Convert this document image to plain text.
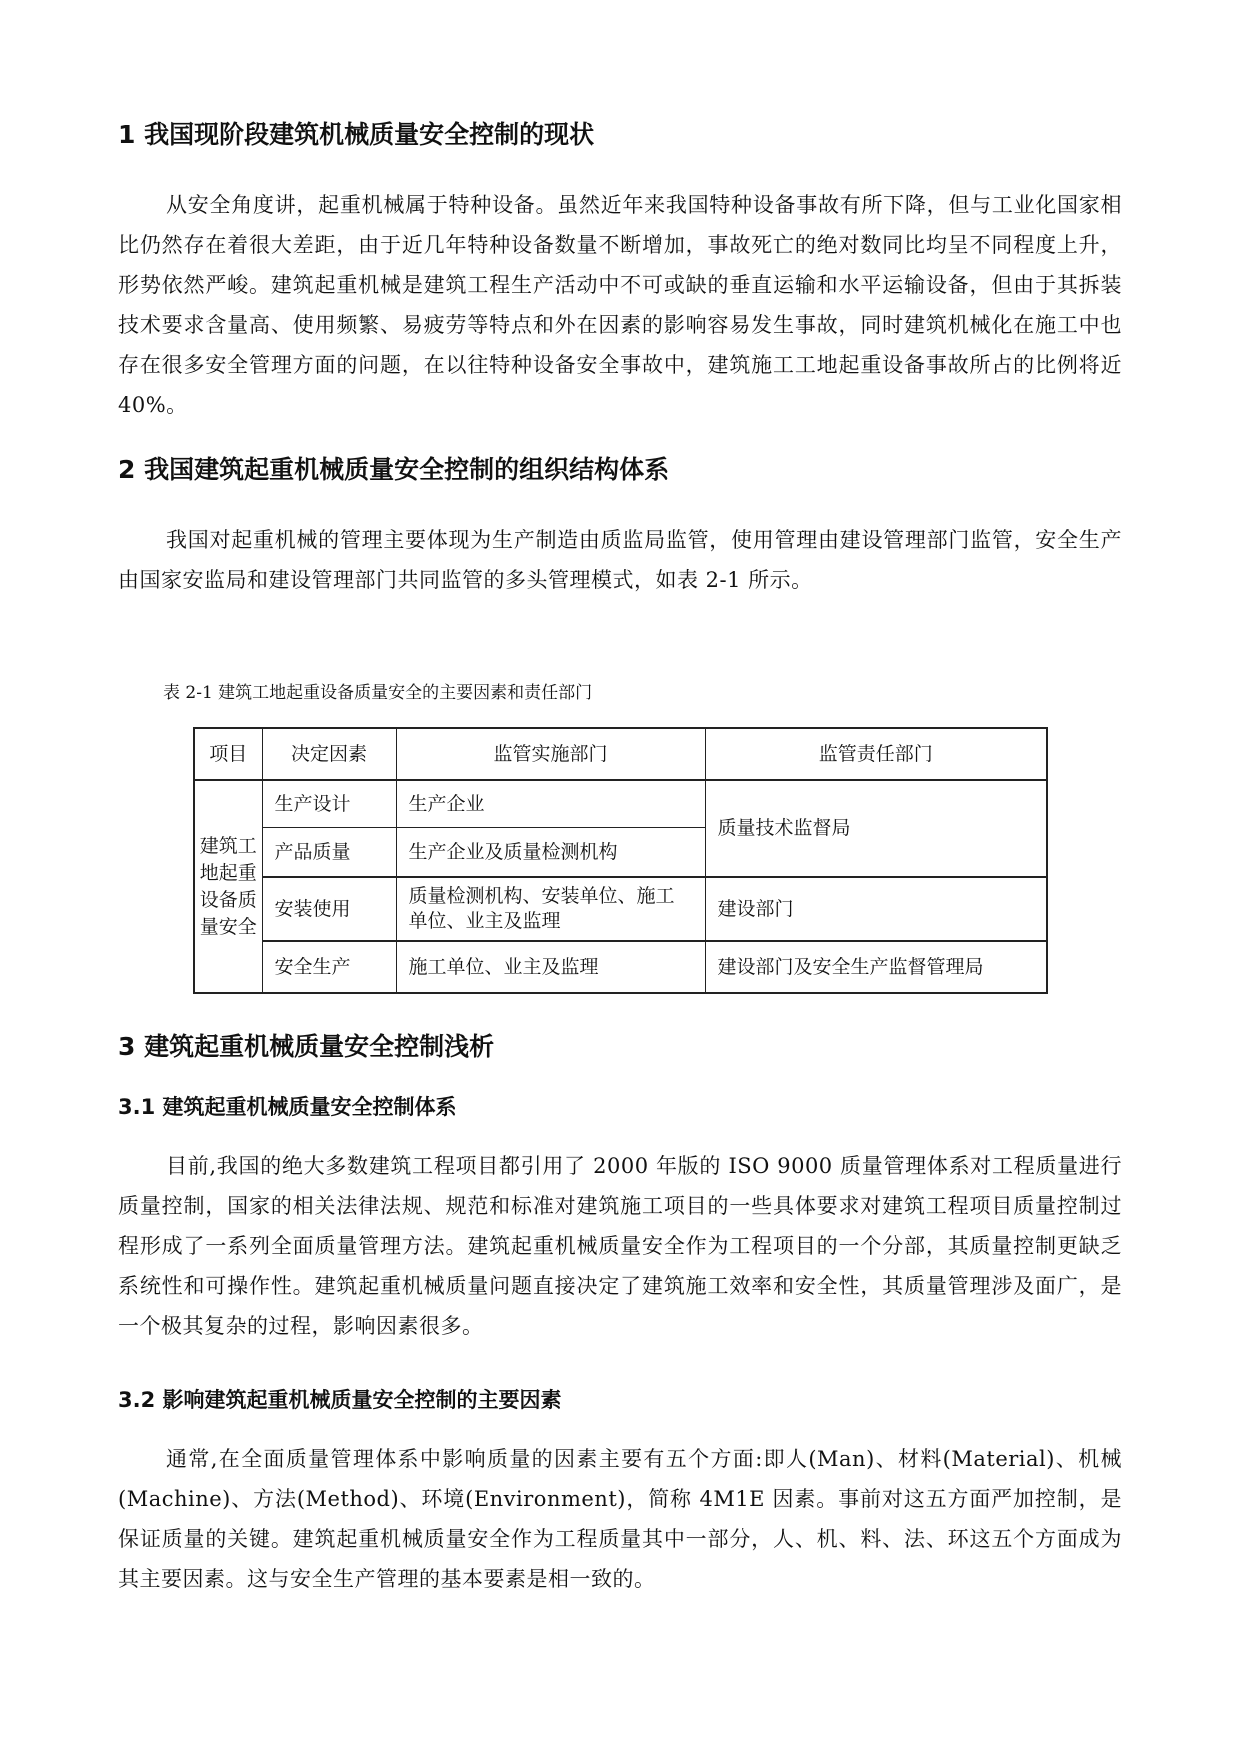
1 我国现阶段建筑机械质量安全控制的现状

从安全角度讲，起重机械属于特种设备。虽然近年来我国特种设备事故有所下降，但与工业化国家相比仍然存在着很大差距，由于近几年特种设备数量不断增加，事故死亡的绝对数同比均呈不同程度上升，形势依然严峻。建筑起重机械是建筑工程生产活动中不可或缺的垂直运输和水平运输设备，但由于其拆装技术要求含量高、使用频繁、易疲劳等特点和外在因素的影响容易发生事故，同时建筑机械化在施工中也存在很多安全管理方面的问题，在以往特种设备安全事故中，建筑施工工地起重设备事故所占的比例将近 40%。

2 我国建筑起重机械质量安全控制的组织结构体系

我国对起重机械的管理主要体现为生产制造由质监局监管，使用管理由建设管理部门监管，安全生产由国家安监局和建设管理部门共同监管的多头管理模式，如表 2-1 所示。

表 2-1 建筑工地起重设备质量安全的主要因素和责任部门

项目	决定因素	监管实施部门	监管责任部门
建筑工地起重设备质量安全	生产设计	生产企业	质量技术监督局
	产品质量	生产企业及质量检测机构	
	安装使用	质量检测机构、安装单位、施工单位、业主及监理	建设部门
	安全生产	施工单位、业主及监理	建设部门及安全生产监督管理局
3 建筑起重机械质量安全控制浅析
3.1 建筑起重机械质量安全控制体系

目前,我国的绝大多数建筑工程项目都引用了 2000 年版的 ISO 9000 质量管理体系对工程质量进行质量控制，国家的相关法律法规、规范和标准对建筑施工项目的一些具体要求对建筑工程项目质量控制过程形成了一系列全面质量管理方法。建筑起重机械质量安全作为工程项目的一个分部，其质量控制更缺乏系统性和可操作性。建筑起重机械质量问题直接决定了建筑施工效率和安全性，其质量管理涉及面广，是一个极其复杂的过程，影响因素很多。

3.2 影响建筑起重机械质量安全控制的主要因素

通常,在全面质量管理体系中影响质量的因素主要有五个方面:即人(Man)、材料(Material)、机械(Machine)、方法(Method)、环境(Environment)，简称 4M1E 因素。事前对这五方面严加控制，是保证质量的关键。建筑起重机械质量安全作为工程质量其中一部分，人、机、料、法、环这五个方面成为其主要因素。这与安全生产管理的基本要素是相一致的。
